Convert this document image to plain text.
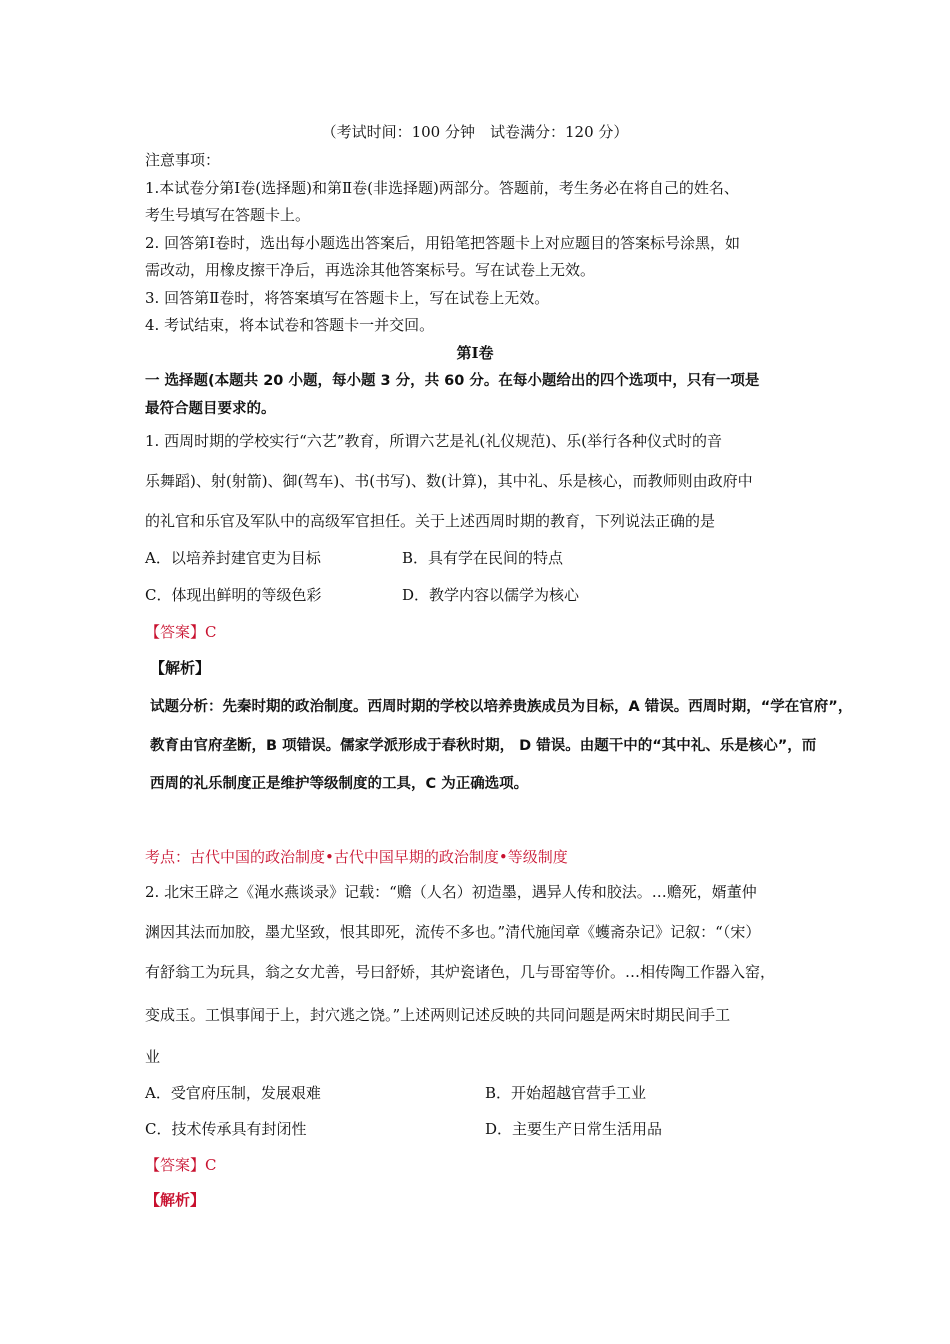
（考试时间：100 分钟　试卷满分：120 分）
注意事项：
1.本试卷分第Ⅰ卷(选择题)和第Ⅱ卷(非选择题)两部分。答题前，考生务必在将自己的姓名、
考生号填写在答题卡上。
2. 回答第Ⅰ卷时，选出每小题选出答案后，用铅笔把答题卡上对应题目的答案标号涂黑，如
需改动，用橡皮擦干净后，再选涂其他答案标号。写在试卷上无效。
3. 回答第Ⅱ卷时，将答案填写在答题卡上，写在试卷上无效。
4. 考试结束，将本试卷和答题卡一并交回。
第Ⅰ卷
一 选择题(本题共 20 小题，每小题 3 分，共 60 分。在每小题给出的四个选项中，只有一项是
最符合题目要求的。
1. 西周时期的学校实行“六艺”教育，所谓六艺是礼(礼仪规范)、乐(举行各种仪式时的音
乐舞蹈)、射(射箭)、御(驾车)、书(书写)、数(计算)，其中礼、乐是核心，而教师则由政府中
的礼官和乐官及军队中的高级军官担任。关于上述西周时期的教育，下列说法正确的是
A．以培养封建官吏为目标	B．具有学在民间的特点
C．体现出鲜明的等级色彩	D．教学内容以儒学为核心
【答案】C
【解析】
试题分析：先秦时期的政治制度。西周时期的学校以培养贵族成员为目标，A 错误。西周时期，“学在官府”，
教育由官府垄断，B 项错误。儒家学派形成于春秋时期， D 错误。由题干中的“其中礼、乐是核心”，而
西周的礼乐制度正是维护等级制度的工具，C 为正确选项。
考点：古代中国的政治制度•古代中国早期的政治制度•等级制度
2. 北宋王辟之《渑水燕谈录》记载：“赡（人名）初造墨，遇异人传和胶法。…赡死，婿董仲
渊因其法而加胶，墨尤坚致，恨其即死，流传不多也。”清代施闰章《蠖斋杂记》记叙：“（宋）
有舒翁工为玩具，翁之女尤善，号曰舒娇，其炉瓷诸色，几与哥窑等价。…相传陶工作器入窑，
变成玉。工惧事闻于上，封穴逃之饶。”上述两则记述反映的共同问题是两宋时期民间手工
业
A．受官府压制，发展艰难	B．开始超越官营手工业
C．技术传承具有封闭性	D．主要生产日常生活用品
【答案】C
【解析】
